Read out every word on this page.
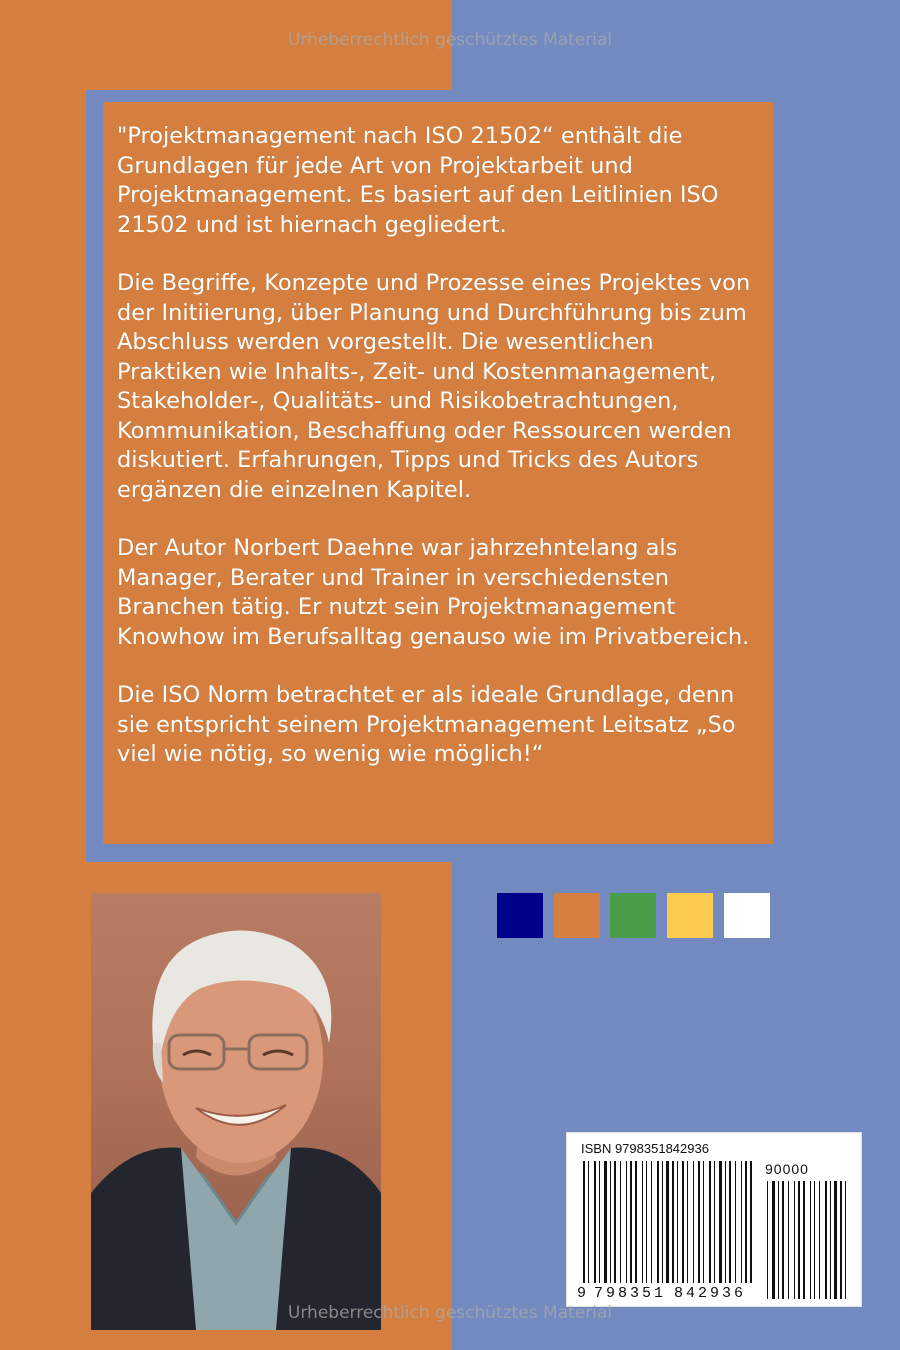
Urheberrechtlich geschütztes Material

"Projektmanagement nach ISO 21502“ enthält die Grundlagen für jede Art von Projektarbeit und Projektmanagement. Es basiert auf den Leitlinien ISO 21502 und ist hiernach gegliedert.

Die Begriffe, Konzepte und Prozesse eines Projektes von der Initiierung, über Planung und Durchführung bis zum Abschluss werden vorgestellt. Die wesentlichen Praktiken wie Inhalts-, Zeit- und Kostenmanagement, Stakeholder-, Qualitäts- und Risikobetrachtungen, Kommunikation, Beschaffung oder Ressourcen werden diskutiert. Erfahrungen, Tipps und Tricks des Autors ergänzen die einzelnen Kapitel.

Der Autor Norbert Daehne war jahrzehntelang als Manager, Berater und Trainer in verschiedensten Branchen tätig. Er nutzt sein Projektmanagement Knowhow im Berufsalltag genauso wie im Privatbereich.

Die ISO Norm betrachtet er als ideale Grundlage, denn sie entspricht seinem Projektmanagement Leitsatz „So viel wie nötig, so wenig wie möglich!“

ISBN 9798351842936
90000
9 798351 842936
Urheberrechtlich geschütztes Material
